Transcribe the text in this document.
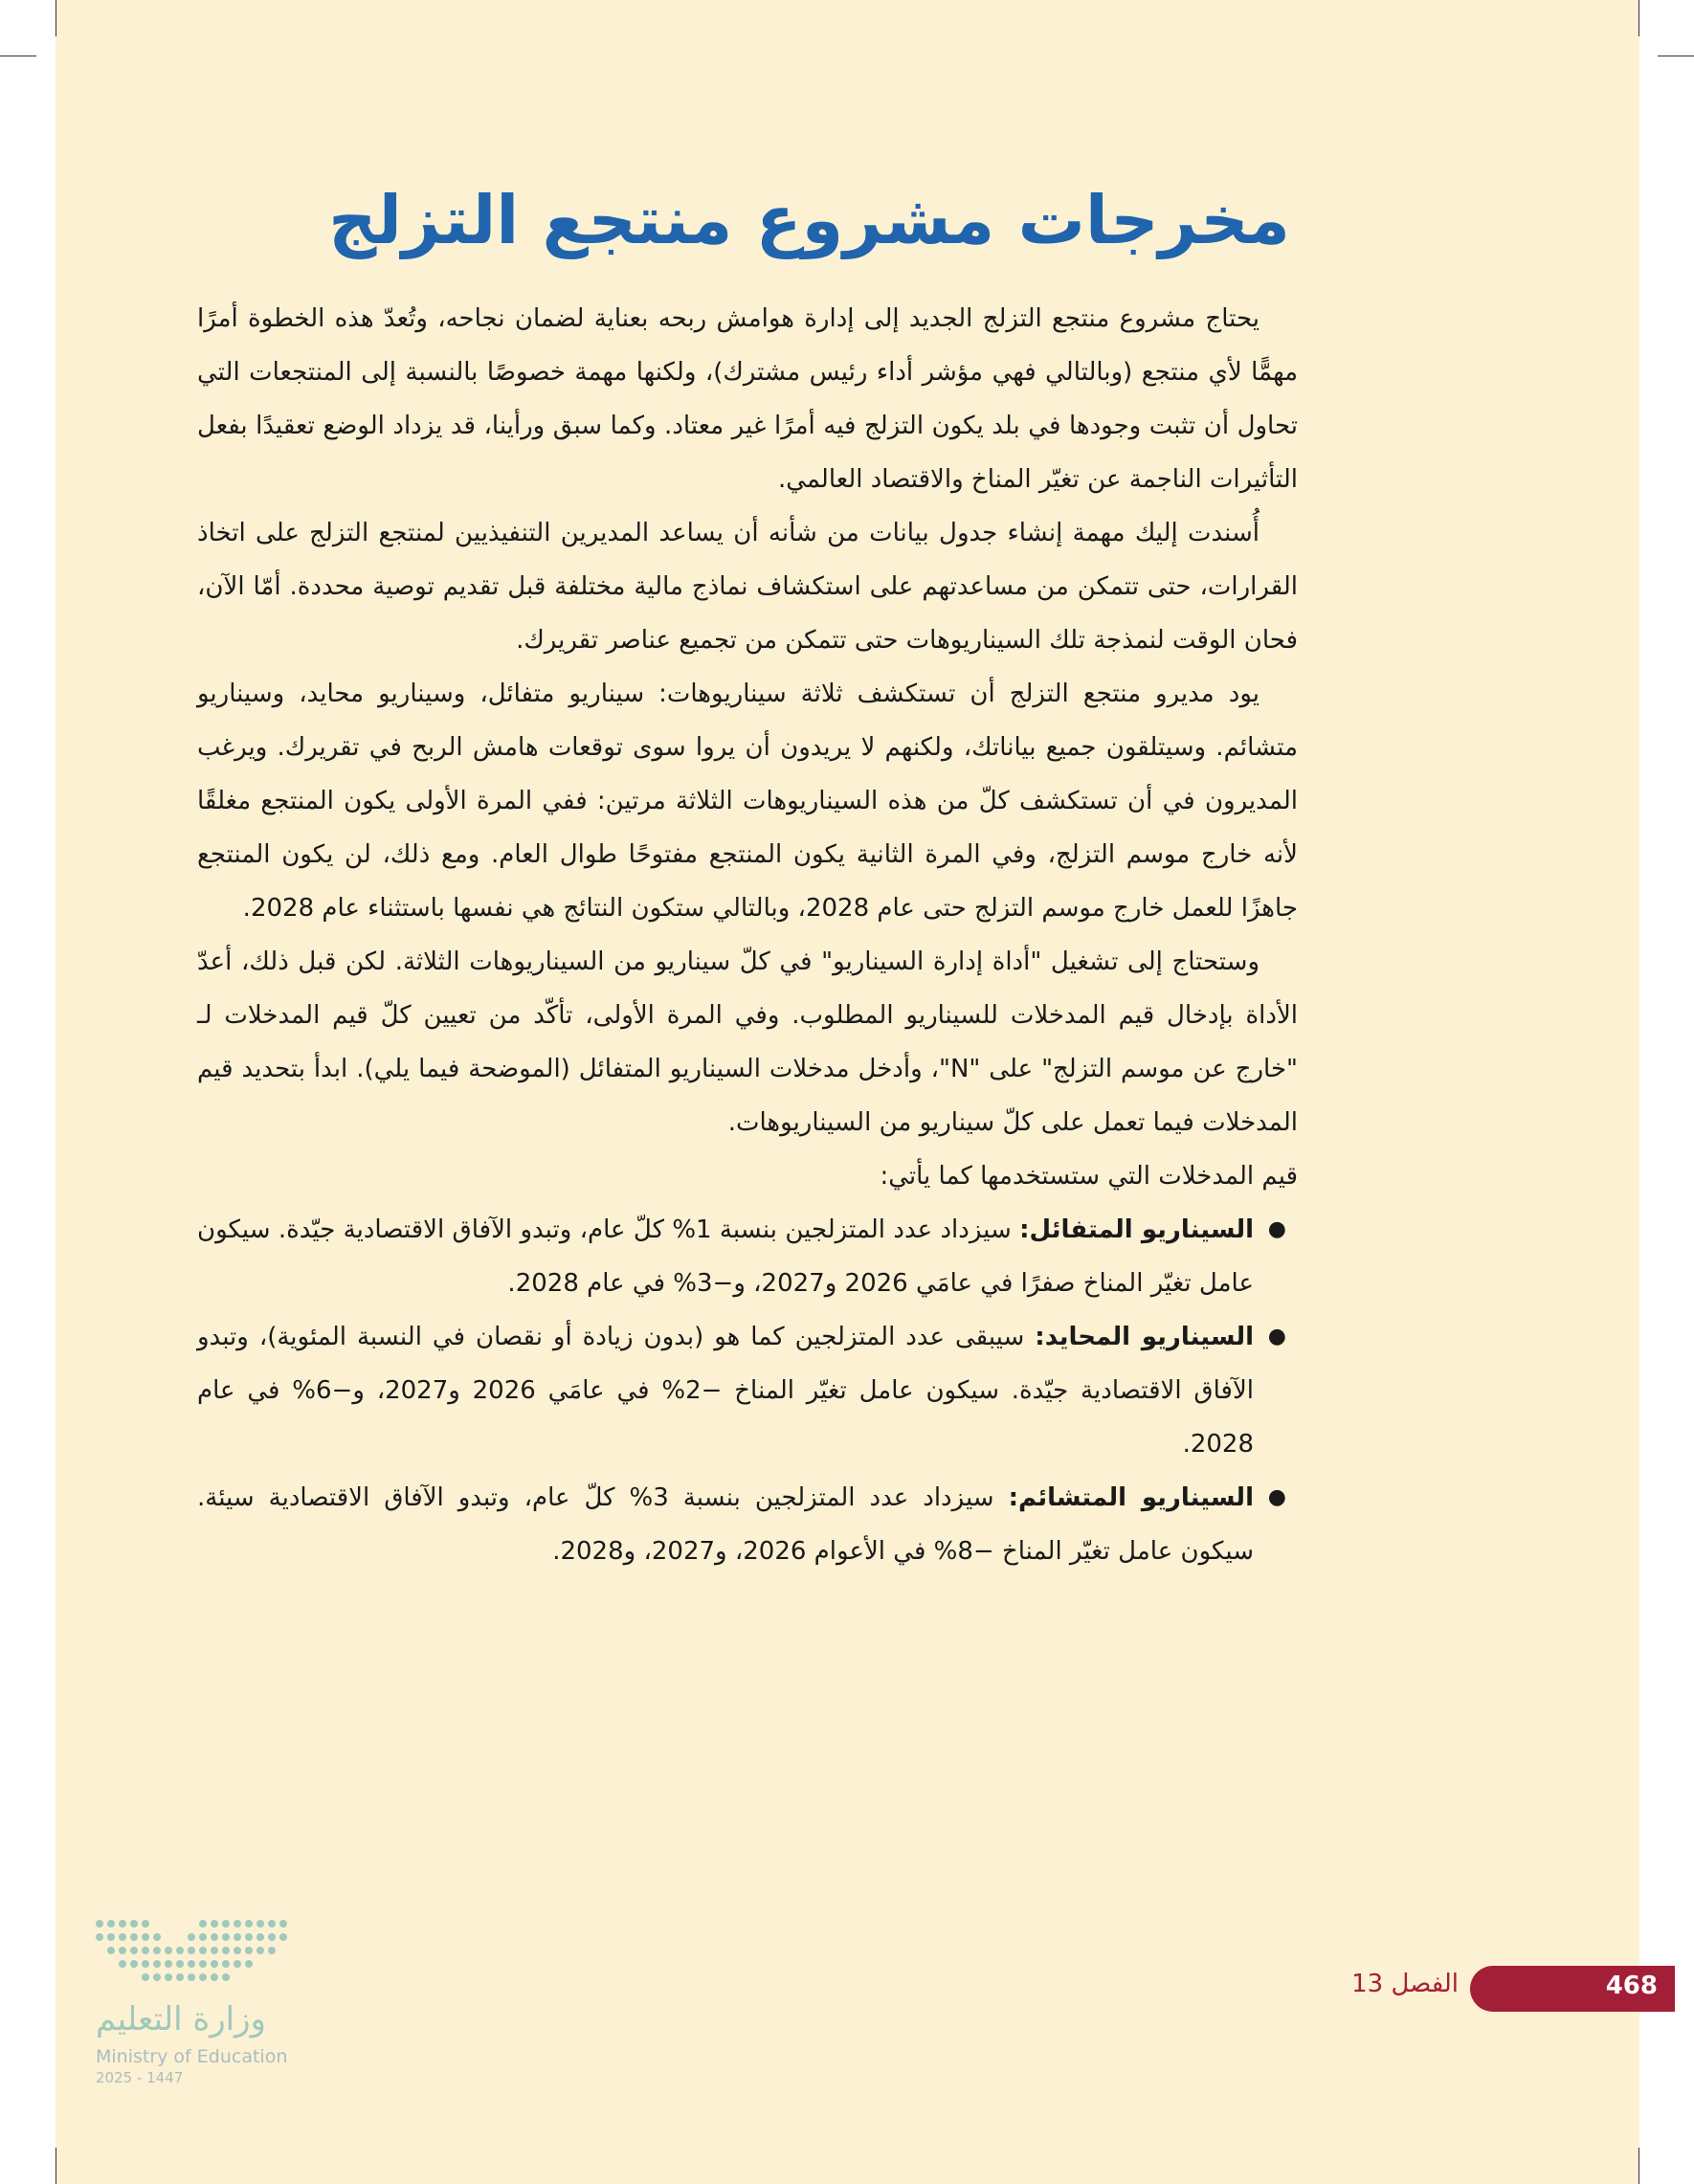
مخرجات مشروع منتجع التزلج

يحتاج مشروع منتجع التزلج الجديد إلى إدارة هوامش ربحه بعناية لضمان نجاحه، وتُعدّ هذه الخطوة أمرًا مهمًّا لأي منتجع (وبالتالي فهي مؤشر أداء رئيس مشترك)، ولكنها مهمة خصوصًا بالنسبة إلى المنتجعات التي تحاول أن تثبت وجودها في بلد يكون التزلج فيه أمرًا غير معتاد. وكما سبق ورأينا، قد يزداد الوضع تعقيدًا بفعل التأثيرات الناجمة عن تغيّر المناخ والاقتصاد العالمي.

أُسندت إليك مهمة إنشاء جدول بيانات من شأنه أن يساعد المديرين التنفيذيين لمنتجع التزلج على اتخاذ القرارات، حتى تتمكن من مساعدتهم على استكشاف نماذج مالية مختلفة قبل تقديم توصية محددة. أمّا الآن، فحان الوقت لنمذجة تلك السيناريوهات حتى تتمكن من تجميع عناصر تقريرك.

يود مديرو منتجع التزلج أن تستكشف ثلاثة سيناريوهات: سيناريو متفائل، وسيناريو محايد، وسيناريو متشائم. وسيتلقون جميع بياناتك، ولكنهم لا يريدون أن يروا سوى توقعات هامش الربح في تقريرك. ويرغب المديرون في أن تستكشف كلّ من هذه السيناريوهات الثلاثة مرتين: ففي المرة الأولى يكون المنتجع مغلقًا لأنه خارج موسم التزلج، وفي المرة الثانية يكون المنتجع مفتوحًا طوال العام. ومع ذلك، لن يكون المنتجع جاهزًا للعمل خارج موسم التزلج حتى عام 2028، وبالتالي ستكون النتائج هي نفسها باستثناء عام 2028.

وستحتاج إلى تشغيل "أداة إدارة السيناريو" في كلّ سيناريو من السيناريوهات الثلاثة. لكن قبل ذلك، أعدّ الأداة بإدخال قيم المدخلات للسيناريو المطلوب. وفي المرة الأولى، تأكّد من تعيين كلّ قيم المدخلات لـ "خارج عن موسم التزلج" على "N"، وأدخل مدخلات السيناريو المتفائل (الموضحة فيما يلي). ابدأ بتحديد قيم المدخلات فيما تعمل على كلّ سيناريو من السيناريوهات.

قيم المدخلات التي ستستخدمها كما يأتي:

●
السيناريو المتفائل: سيزداد عدد المتزلجين بنسبة 1% كلّ عام، وتبدو الآفاق الاقتصادية جيّدة. سيكون عامل تغيّر المناخ صفرًا في عامَي 2026 و2027، و−3% في عام 2028.
●
السيناريو المحايد: سيبقى عدد المتزلجين كما هو (بدون زيادة أو نقصان في النسبة المئوية)، وتبدو الآفاق الاقتصادية جيّدة. سيكون عامل تغيّر المناخ −2% في عامَي 2026 و2027، و−6% في عام 2028.
●
السيناريو المتشائم: سيزداد عدد المتزلجين بنسبة 3% كلّ عام، وتبدو الآفاق الاقتصادية سيئة. سيكون عامل تغيّر المناخ −8% في الأعوام 2026، و2027، و2028.
الفصل 13	468
وزارة التعليم
Ministry of Education
2025 - 1447
